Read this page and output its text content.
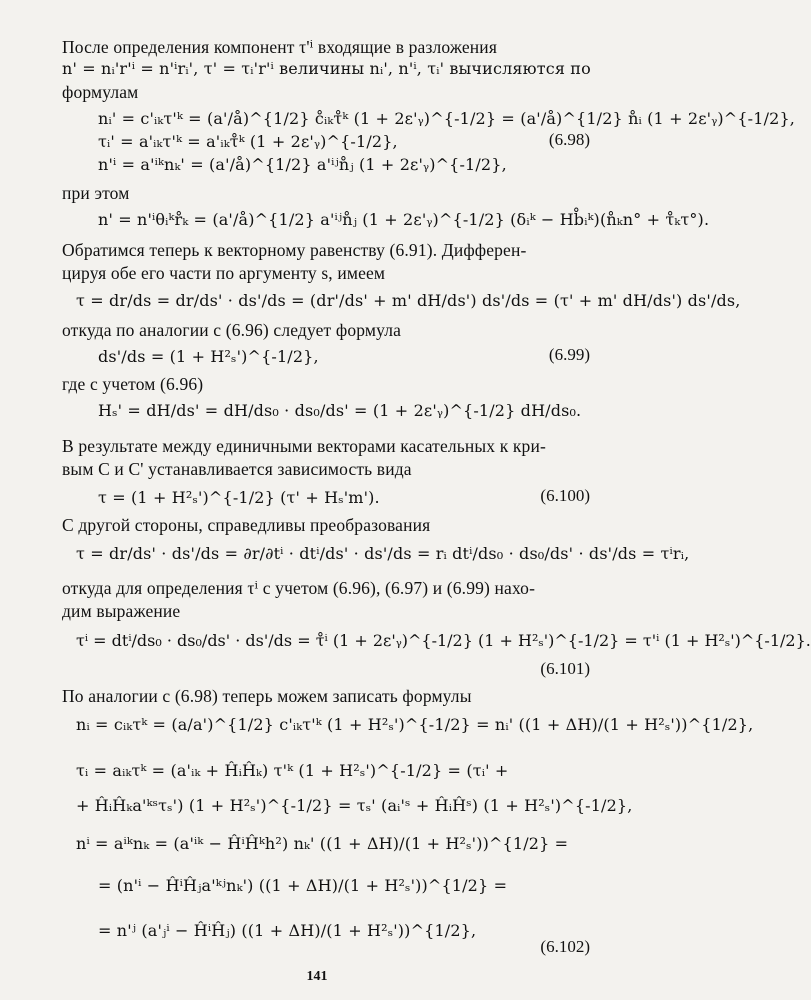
После определения компонент τ'ⁱ входящие в разложения
n' = nᵢ'r'ⁱ = n'ⁱrᵢ', τ' = τᵢ'r'ⁱ величины nᵢ', n'ⁱ, τᵢ' вычисляются по
формулам
nᵢ' = c'ᵢₖτ'ᵏ = (a'/å)^{1/2} c̊ᵢₖτ̊ᵏ (1 + 2ε'ᵧ)^{-1/2} = (a'/å)^{1/2} n̊ᵢ (1 + 2ε'ᵧ)^{-1/2},
τᵢ' = a'ᵢₖτ'ᵏ = a'ᵢₖτ̊ᵏ (1 + 2ε'ᵧ)^{-1/2},	(6.98)
n'ⁱ = a'ⁱᵏnₖ' = (a'/å)^{1/2} a'ⁱʲn̊ⱼ (1 + 2ε'ᵧ)^{-1/2},
при этом
n' = n'ⁱθᵢᵏr̊ₖ = (a'/å)^{1/2} a'ⁱʲn̊ⱼ (1 + 2ε'ᵧ)^{-1/2} (δᵢᵏ − Hb̊ᵢᵏ)(n̊ₖn° + τ̊ₖτ°).
Обратимся теперь к векторному равенству (6.91). Дифферен-
цируя обе его части по аргументу s, имеем
τ = dr/ds = dr/ds' · ds'/ds = (dr'/ds' + m' dH/ds') ds'/ds = (τ' + m' dH/ds') ds'/ds,
откуда по аналогии с (6.96) следует формула
ds'/ds = (1 + H²ₛ')^{-1/2},	(6.99)
где с учетом (6.96)
Hₛ' = dH/ds' = dH/ds₀ · ds₀/ds' = (1 + 2ε'ᵧ)^{-1/2} dH/ds₀.
В результате между единичными векторами касательных к кри-
вым C и C' устанавливается зависимость вида
τ = (1 + H²ₛ')^{-1/2} (τ' + Hₛ'm').	(6.100)
С другой стороны, справедливы преобразования
τ = dr/ds' · ds'/ds = ∂r/∂tⁱ · dtⁱ/ds' · ds'/ds = rᵢ dtⁱ/ds₀ · ds₀/ds' · ds'/ds = τⁱrᵢ,
откуда для определения τⁱ с учетом (6.96), (6.97) и (6.99) нахо-
дим выражение
τⁱ = dtⁱ/ds₀ · ds₀/ds' · ds'/ds = τ̊ⁱ (1 + 2ε'ᵧ)^{-1/2} (1 + H²ₛ')^{-1/2} = τ'ⁱ (1 + H²ₛ')^{-1/2}.
(6.101)
По аналогии с (6.98) теперь можем записать формулы
nᵢ = cᵢₖτᵏ = (a/a')^{1/2} c'ᵢₖτ'ᵏ (1 + H²ₛ')^{-1/2} = nᵢ' ((1 + ΔH)/(1 + H²ₛ'))^{1/2},
τᵢ = aᵢₖτᵏ = (a'ᵢₖ + ĤᵢĤₖ) τ'ᵏ (1 + H²ₛ')^{-1/2} = (τᵢ' +
+ ĤᵢĤₖa'ᵏˢτₛ') (1 + H²ₛ')^{-1/2} = τₛ' (aᵢ'ˢ + ĤᵢĤˢ) (1 + H²ₛ')^{-1/2},
nⁱ = aⁱᵏnₖ = (a'ⁱᵏ − ĤⁱĤᵏh²) nₖ' ((1 + ΔH)/(1 + H²ₛ'))^{1/2} =
= (n'ⁱ − ĤⁱĤⱼa'ᵏʲnₖ') ((1 + ΔH)/(1 + H²ₛ'))^{1/2} =
= n'ʲ (a'ⱼⁱ − ĤⁱĤⱼ) ((1 + ΔH)/(1 + H²ₛ'))^{1/2},
(6.102)
141
